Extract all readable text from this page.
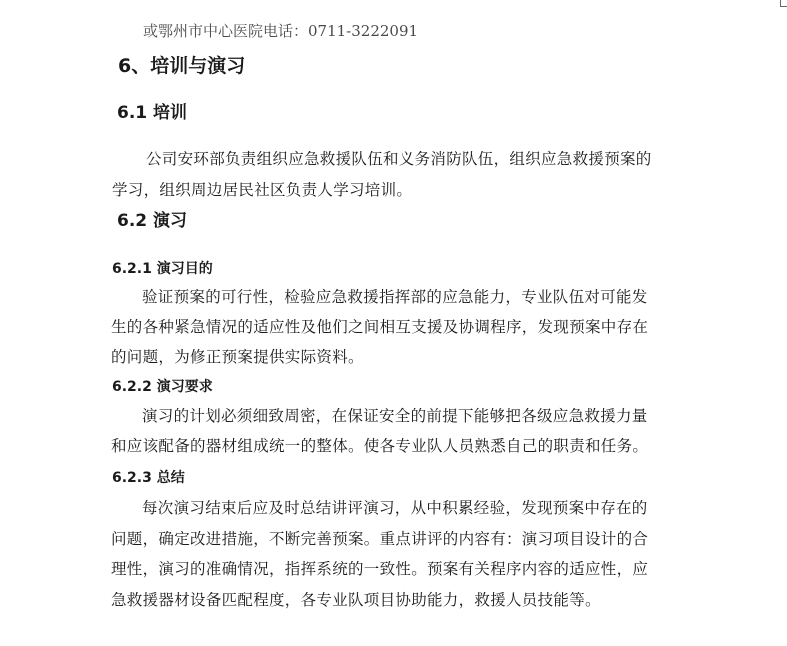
或鄂州市中心医院电话：0711-3222091
6、培训与演习
6.1 培训
公司安环部负责组织应急救援队伍和义务消防队伍，组织应急救援预案的
学习，组织周边居民社区负责人学习培训。
6.2 演习
6.2.1 演习目的
验证预案的可行性，检验应急救援指挥部的应急能力，专业队伍对可能发
生的各种紧急情况的适应性及他们之间相互支援及协调程序，发现预案中存在
的问题，为修正预案提供实际资料。
6.2.2 演习要求
演习的计划必须细致周密，在保证安全的前提下能够把各级应急救援力量
和应该配备的器材组成统一的整体。使各专业队人员熟悉自己的职责和任务。
6.2.3 总结
每次演习结束后应及时总结讲评演习，从中积累经验，发现预案中存在的
问题，确定改进措施，不断完善预案。重点讲评的内容有：演习项目设计的合
理性，演习的准确情况，指挥系统的一致性。预案有关程序内容的适应性，应
急救援器材设备匹配程度，各专业队项目协助能力，救援人员技能等。
